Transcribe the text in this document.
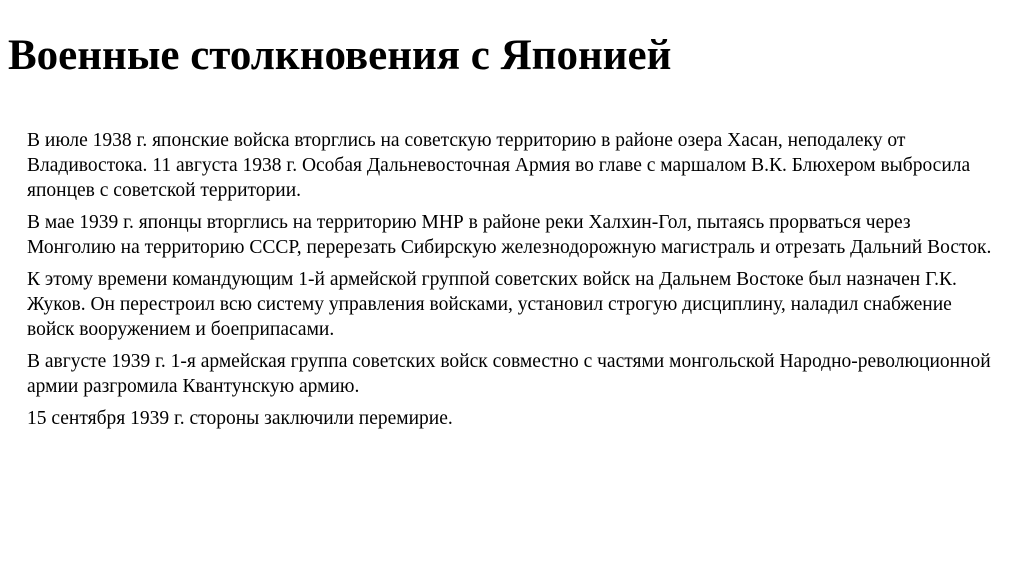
Военные столкновения с Японией

В июле 1938 г. японские войска вторглись на советскую территорию в районе озера Хасан, неподалеку от Владивостока. 11 августа 1938 г. Особая Дальневосточная Армия во главе с маршалом В.К. Блюхером выбросила японцев с советской территории.

В мае 1939 г. японцы вторглись на территорию МНР в районе реки Халхин-Гол, пытаясь прорваться через Монголию на территорию СССР, перерезать Сибирскую железнодорожную магистраль и отрезать Дальний Восток.

К этому времени командующим 1-й армейской группой советских войск на Дальнем Востоке был назначен Г.К. Жуков. Он перестроил всю систему управления войсками, установил строгую дисциплину, наладил снабжение войск вооружением и боеприпасами.

В августе 1939 г. 1-я армейская группа советских войск совместно с частями монгольской Народно-революционной армии разгромила Квантунскую армию.

15 сентября 1939 г. стороны заключили перемирие.
